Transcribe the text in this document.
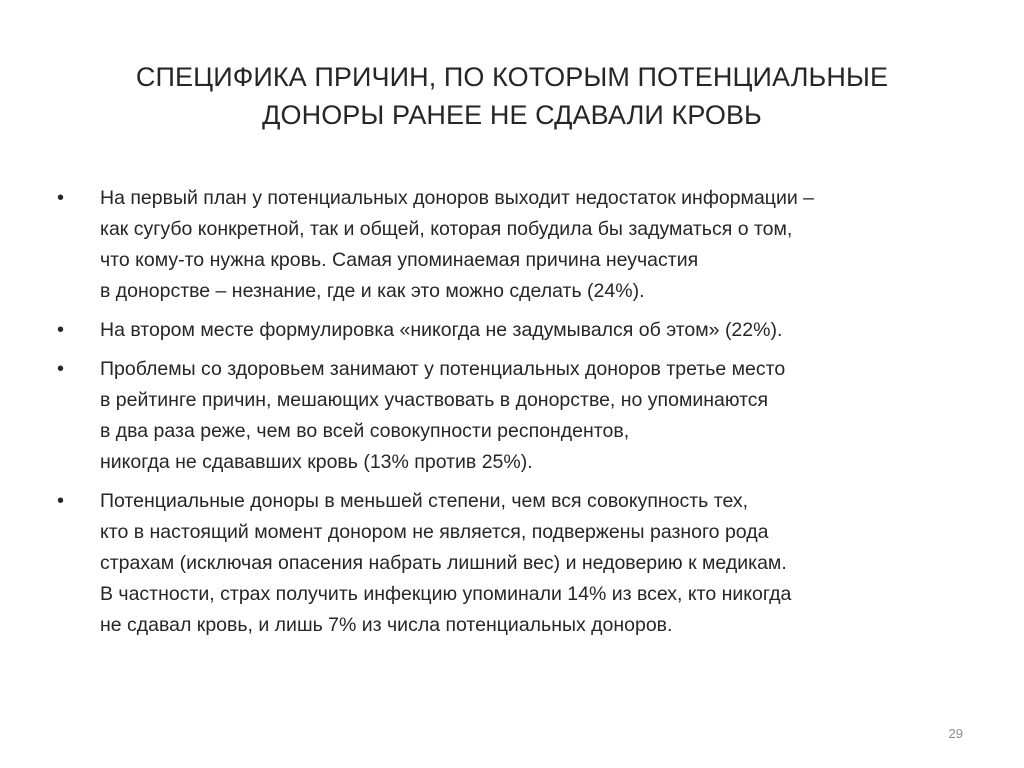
СПЕЦИФИКА ПРИЧИН, ПО КОТОРЫМ ПОТЕНЦИАЛЬНЫЕ
ДОНОРЫ РАНЕЕ НЕ СДАВАЛИ КРОВЬ
• На первый план у потенциальных доноров выходит недостаток информации –
как сугубо конкретной, так и общей, которая побудила бы задуматься о том,
что кому-то нужна кровь. Самая упоминаемая причина неучастия
в донорстве – незнание, где и как это можно сделать (24%).
• На втором месте формулировка «никогда не задумывался об этом» (22%).
• Проблемы со здоровьем занимают у потенциальных доноров третье место
в рейтинге причин, мешающих участвовать в донорстве, но упоминаются
в два раза реже, чем во всей совокупности респондентов,
никогда не сдававших кровь (13% против 25%).
• Потенциальные доноры в меньшей степени, чем вся совокупность тех,
кто в настоящий момент донором не является, подвержены разного рода
страхам (исключая опасения набрать лишний вес) и недоверию к медикам.
В частности, страх получить инфекцию упоминали 14% из всех, кто никогда
не сдавал кровь, и лишь 7% из числа потенциальных доноров.
29
